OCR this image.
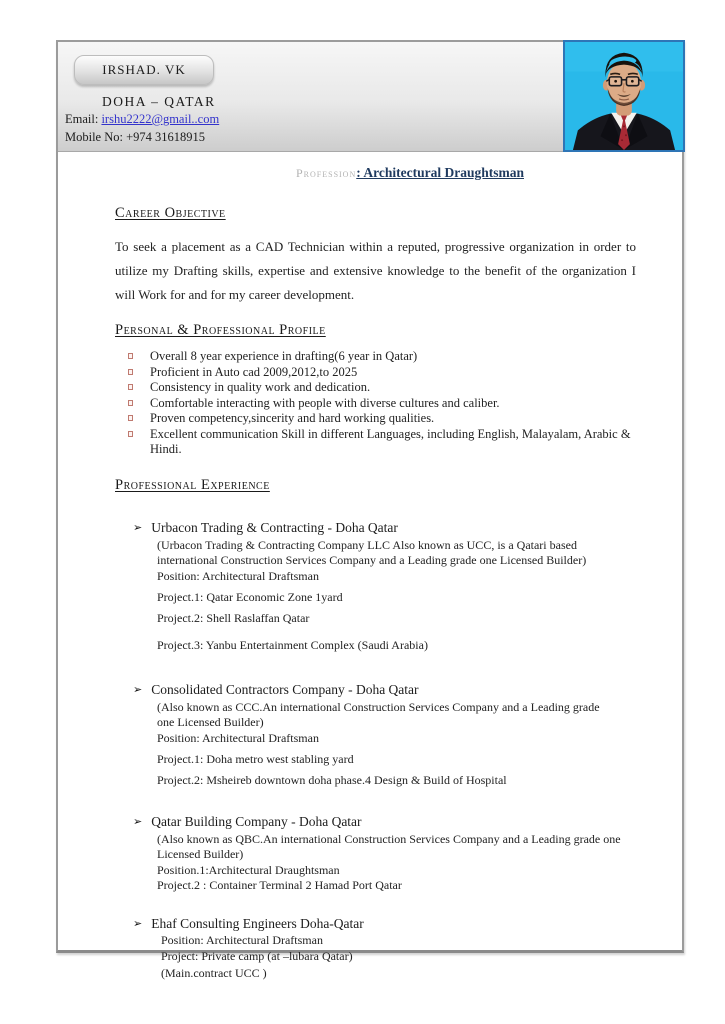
IRSHAD. VK
DOHA – QATAR
Email: irshu2222@gmail..com
Mobile No: +974 31618915
Profession: Architectural Draughtsman
Career Objective

To seek a placement as a CAD Technician within a reputed, progressive organization in order to utilize my Drafting skills, expertise and extensive knowledge to the benefit of the organization I will Work for and for my career development.

Personal & Professional Profile
Overall 8 year experience in drafting(6 year in Qatar)
Proficient in Auto cad 2009,2012,to 2025
Consistency in quality work and dedication.
Comfortable interacting with people with diverse cultures and caliber.
Proven competency,sincerity and hard working qualities.
Excellent communication Skill in different Languages, including English, Malayalam, Arabic & Hindi.
Professional Experience
➢ Urbacon Trading & Contracting - Doha Qatar
(Urbacon Trading & Contracting Company LLC Also known as UCC, is a Qatari based international Construction Services Company and a Leading grade one Licensed Builder)
Position: Architectural Draftsman
Project.1: Qatar Economic Zone 1yard
Project.2: Shell Raslaffan Qatar
Project.3: Yanbu Entertainment Complex (Saudi Arabia)
➢ Consolidated Contractors Company - Doha Qatar
(Also known as CCC.An international Construction Services Company and a Leading grade one Licensed Builder)
Position: Architectural Draftsman
Project.1: Doha metro west stabling yard
Project.2: Msheireb downtown doha phase.4 Design & Build of Hospital
➢ Qatar Building Company - Doha Qatar
(Also known as QBC.An international Construction Services Company and a Leading grade one Licensed Builder)
Position.1:Architectural Draughtsman
Project.2 : Container Terminal 2 Hamad Port Qatar
➢ Ehaf Consulting Engineers Doha-Qatar
Position: Architectural Draftsman
Project: Private camp (at –lubara Qatar)
(Main.contract UCC )
